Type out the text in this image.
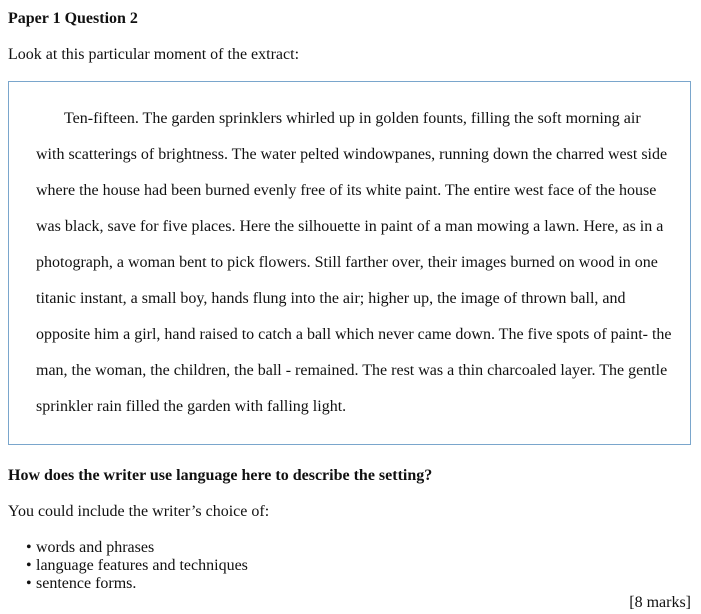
Paper 1 Question 2
Look at this particular moment of the extract:

Ten-fifteen. The garden sprinklers whirled up in golden founts, filling the soft morning air with scatterings of brightness. The water pelted windowpanes, running down the charred west side where the house had been burned evenly free of its white paint. The entire west face of the house was black, save for five places. Here the silhouette in paint of a man mowing a lawn. Here, as in a photograph, a woman bent to pick flowers. Still farther over, their images burned on wood in one titanic instant, a small boy, hands flung into the air; higher up, the image of thrown ball, and opposite him a girl, hand raised to catch a ball which never came down. The five spots of paint- the man, the woman, the children, the ball - remained. The rest was a thin charcoaled layer. The gentle sprinkler rain filled the garden with falling light.

How does the writer use language here to describe the setting?
You could include the writer’s choice of:
• words and phrases
• language features and techniques
• sentence forms.
[8 marks]
